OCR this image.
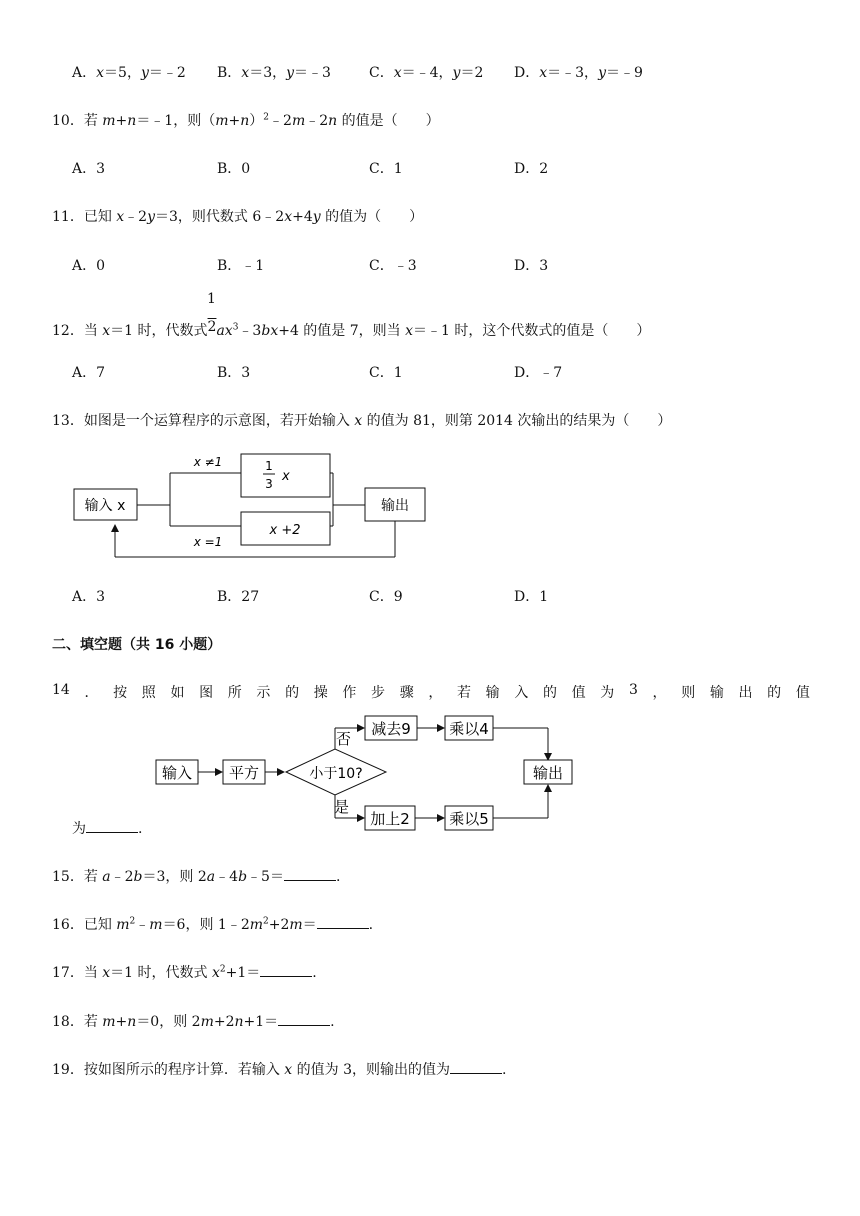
A．x＝5，y＝﹣2 B．x＝3，y＝﹣3	C．x＝﹣4，y＝2 D．x＝﹣3，y＝﹣9
10．若 m+n＝﹣1，则$(m+n)^2﹣2m﹣2n$ 的值是（　　）
A．3	B．0	C．1	D．2
11．已知 x﹣2y＝3，则代数式 6﹣2x+4y 的值为（　　）
A．0	B．﹣1	C．﹣3	D．3
1
12．当 x＝1 时，代数式$2ax^3﹣3bx+4$ 的值是 7，则当 x＝﹣1 时，这个代数式的值是（　　）
A．7	B．3	C．1	D．﹣7
13．如图是一个运算程序的示意图，若开始输入 x 的值为 81，则第 2014 次输出的结果为（　　）
输入 x
1
3 x
x +2
x ≠1
x =1
输出
A．3	B．27	C．9	D．1
二、填空题（共 16 小题）
14 ． 按 照 如 图 所 示 的 操 作 步 骤 ， 若 输 入 的 值 为 3 ， 则 输 出 的 值
输入 平方	小于10?
否
减去9	乘以4
是
加上2	乘以5
输出
为	.
15．若 a﹣2b＝3，则 2a﹣4b﹣5＝	.
16．已知 $m^2﹣m=6$，则 $1﹣2m^2+2m=$	.
17．当 x＝1 时，代数式 $x^2+1=$	.
18．若 m+n＝0，则 2m+2n+1＝	.
19．按如图所示的程序计算．若输入 x 的值为 3，则输出的值为	.
